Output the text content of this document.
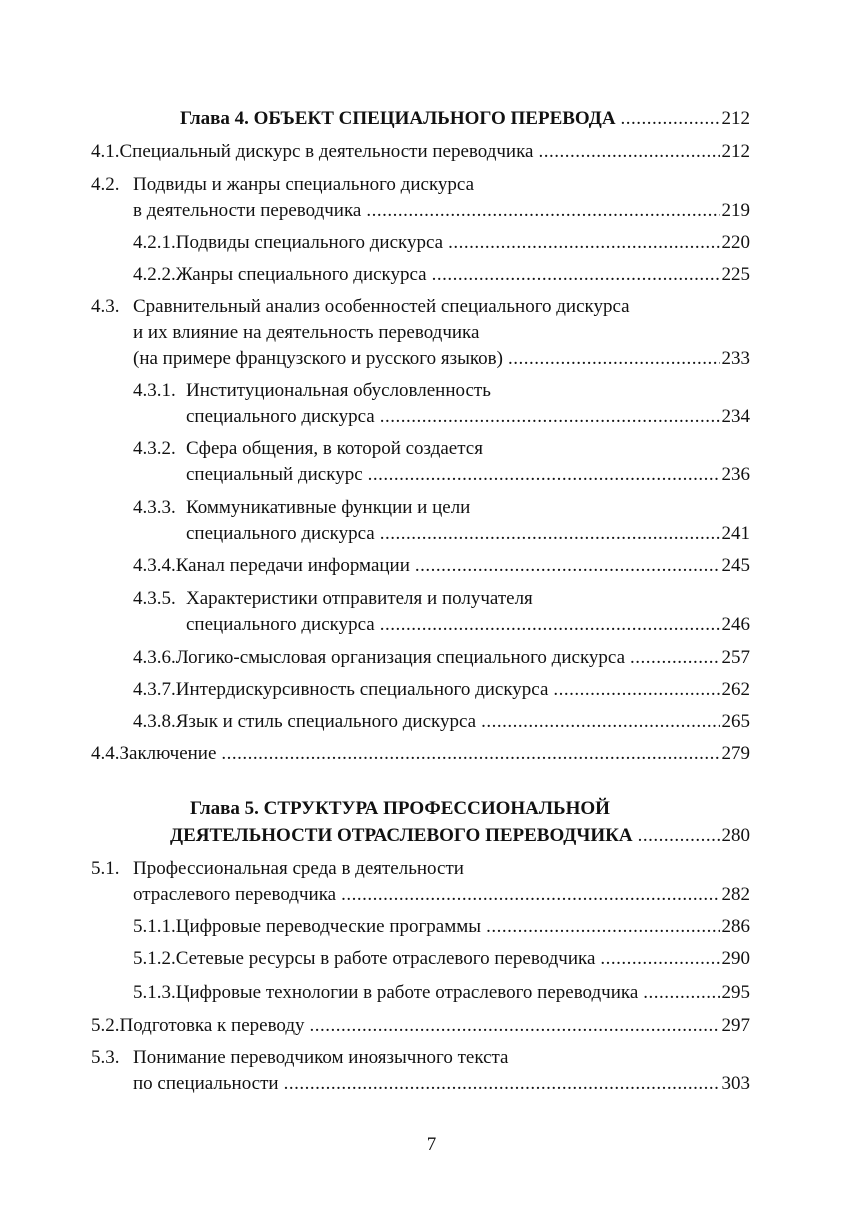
Глава 4. ОБЪЕКТ СПЕЦИАЛЬНОГО ПЕРЕВОДА .....	212
4.1. Специальный дискурс в деятельности переводчика .....	212
4.2. Подвиды и жанры специального дискурса
в деятельности переводчика .....	219
4.2.1. Подвиды специального дискурса .....	220
4.2.2. Жанры специального дискурса .....	225
4.3. Сравнительный анализ особенностей специального дискурса
и их влияние на деятельность переводчика
(на примере французского и русского языков) .....	233
4.3.1. Институциональная обусловленность
специального дискурса .....	234
4.3.2. Сфера общения, в которой создается
специальный дискурс .....	236
4.3.3. Коммуникативные функции и цели
специального дискурса .....	241
4.3.4. Канал передачи информации .....	245
4.3.5. Характеристики отправителя и получателя
специального дискурса .....	246
4.3.6. Логико-смысловая организация специального дискурса .....	257
4.3.7. Интердискурсивность специального дискурса .....	262
4.3.8. Язык и стиль специального дискурса .....	265
4.4. Заключение .....	279
Глава 5. СТРУКТУРА ПРОФЕССИОНАЛЬНОЙ
ДЕЯТЕЛЬНОСТИ ОТРАСЛЕВОГО ПЕРЕВОДЧИКА .....	280
5.1. Профессиональная среда в деятельности
отраслевого переводчика .....	282
5.1.1. Цифровые переводческие программы .....	286
5.1.2. Сетевые ресурсы в работе отраслевого переводчика .....	290
5.1.3. Цифровые технологии в работе отраслевого переводчика .....	295
5.2. Подготовка к переводу .....	297
5.3. Понимание переводчиком иноязычного текста
по специальности .....	303
7
